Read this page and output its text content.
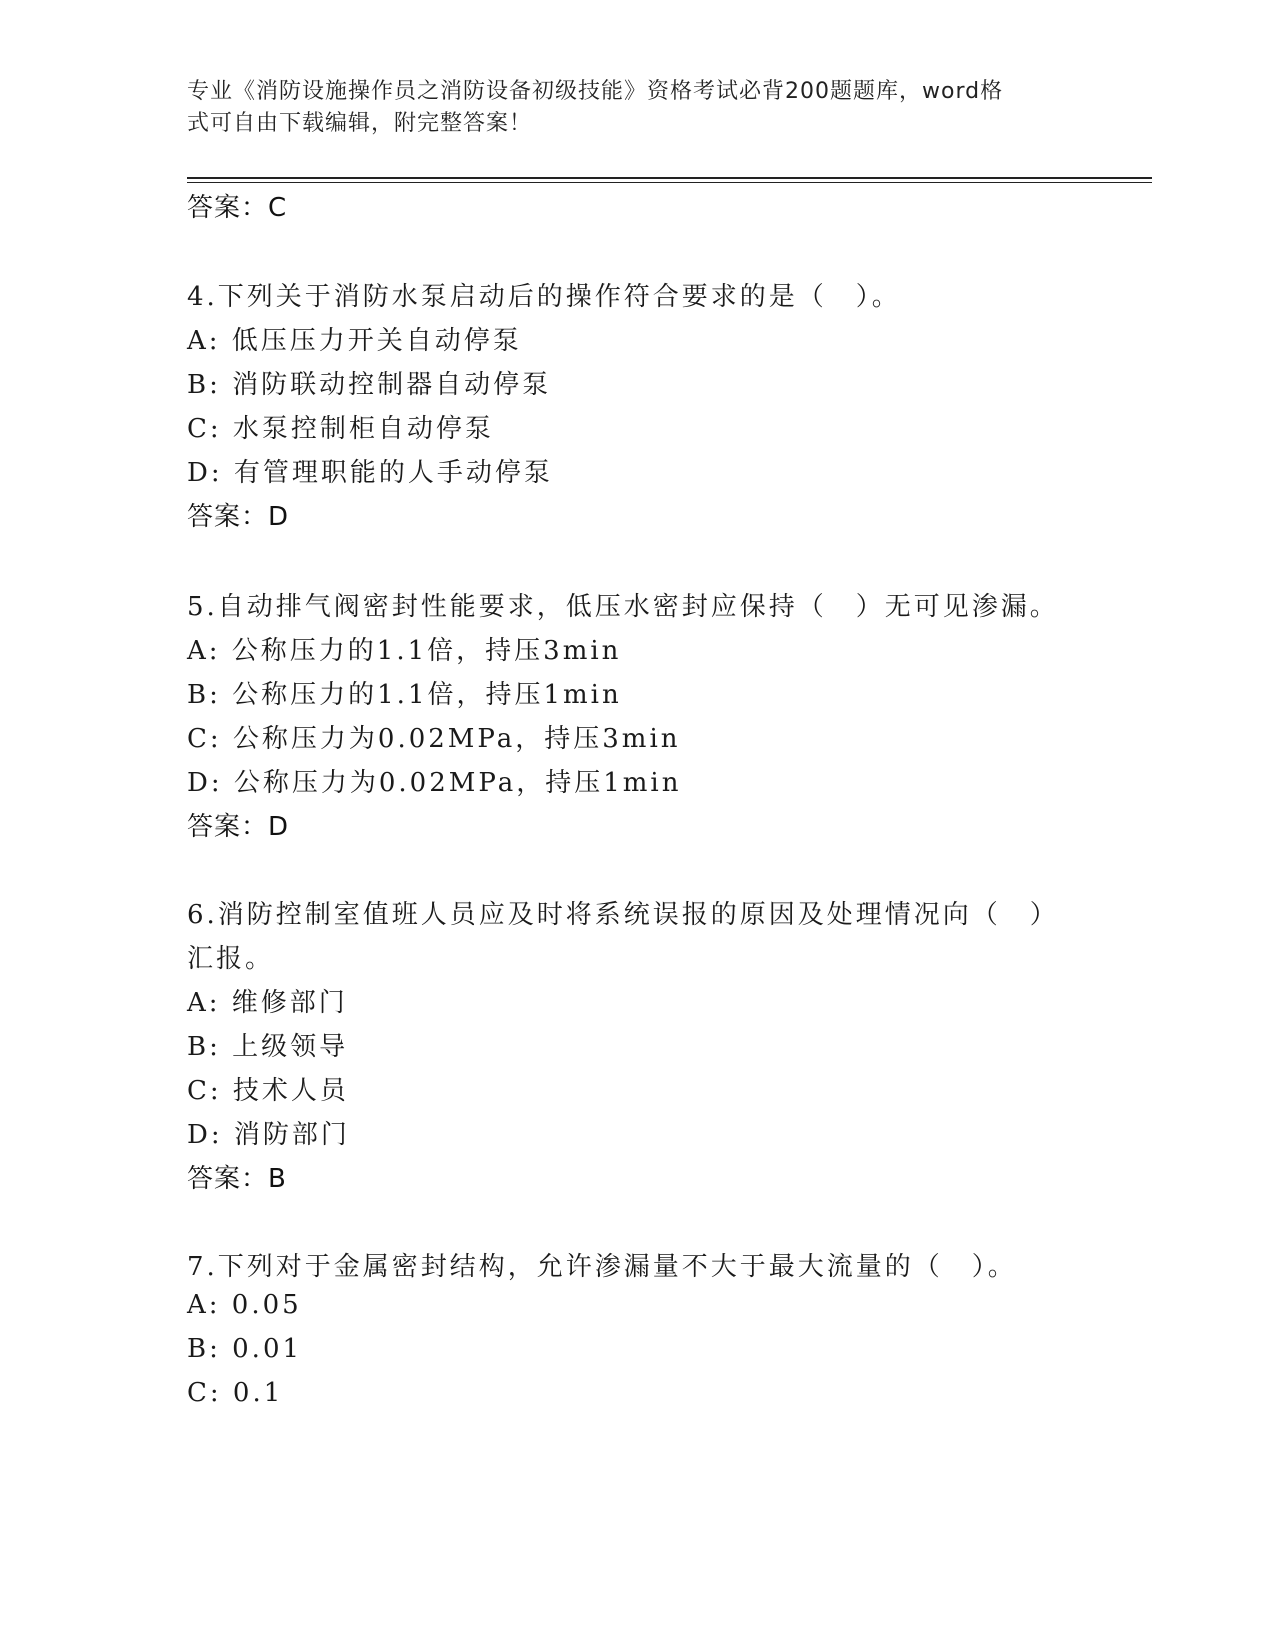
专业《消防设施操作员之消防设备初级技能》资格考试必背200题题库，word格
式可自由下载编辑，附完整答案！
答案：C
4.下列关于消防水泵启动后的操作符合要求的是（　）。
A: 低压压力开关自动停泵
B: 消防联动控制器自动停泵
C: 水泵控制柜自动停泵
D: 有管理职能的人手动停泵
答案：D
5.自动排气阀密封性能要求，低压水密封应保持（　）无可见渗漏。
A: 公称压力的1.1倍，持压3min
B: 公称压力的1.1倍，持压1min
C: 公称压力为0.02MPa，持压3min
D: 公称压力为0.02MPa，持压1min
答案：D
6.消防控制室值班人员应及时将系统误报的原因及处理情况向（　）
汇报。
A: 维修部门
B: 上级领导
C: 技术人员
D: 消防部门
答案：B
7.下列对于金属密封结构，允许渗漏量不大于最大流量的（　）。
A: 0.05
B: 0.01
C: 0.1
